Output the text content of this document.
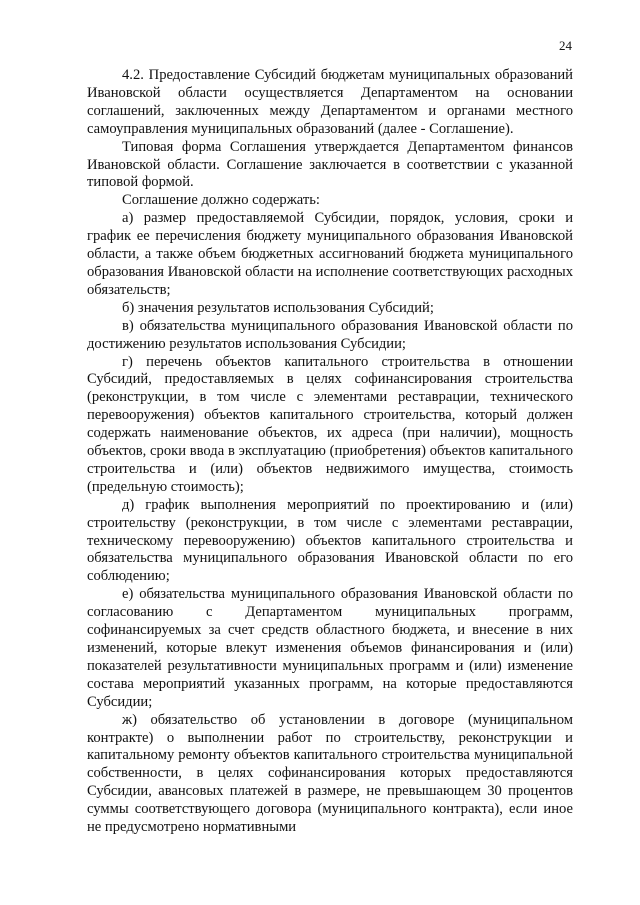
24

4.2. Предоставление Субсидий бюджетам муниципальных образований Ивановской области осуществляется Департаментом на основании соглашений, заключенных между Департаментом и органами местного самоуправления муниципальных образований (далее - Соглашение).

Типовая форма Соглашения утверждается Департаментом финансов Ивановской области. Соглашение заключается в соответствии с указанной типовой формой.

Соглашение должно содержать:

а) размер предоставляемой Субсидии, порядок, условия, сроки и график ее перечисления бюджету муниципального образования Ивановской области, а также объем бюджетных ассигнований бюджета муниципального образования Ивановской области на исполнение соответствующих расходных обязательств;

б) значения результатов использования Субсидий;

в) обязательства муниципального образования Ивановской области по достижению результатов использования Субсидии;

г) перечень объектов капитального строительства в отношении Субсидий, предоставляемых в целях софинансирования строительства (реконструкции, в том числе с элементами реставрации, технического перевооружения) объектов капитального строительства, который должен содержать наименование объектов, их адреса (при наличии), мощность объектов, сроки ввода в эксплуатацию (приобретения) объектов капитального строительства и (или) объектов недвижимого имущества, стоимость (предельную стоимость);

д) график выполнения мероприятий по проектированию и (или) строительству (реконструкции, в том числе с элементами реставрации, техническому перевооружению) объектов капитального строительства и обязательства муниципального образования Ивановской области по его соблюдению;

е) обязательства муниципального образования Ивановской области по согласованию с Департаментом муниципальных программ, софинансируемых за счет средств областного бюджета, и внесение в них изменений, которые влекут изменения объемов финансирования и (или) показателей результативности муниципальных программ и (или) изменение состава мероприятий указанных программ, на которые предоставляются Субсидии;

ж) обязательство об установлении в договоре (муниципальном контракте) о выполнении работ по строительству, реконструкции и капитальному ремонту объектов капитального строительства муниципальной собственности, в целях софинансирования которых предоставляются Субсидии, авансовых платежей в размере, не превышающем 30 процентов суммы соответствующего договора (муниципального контракта), если иное не предусмотрено нормативными
